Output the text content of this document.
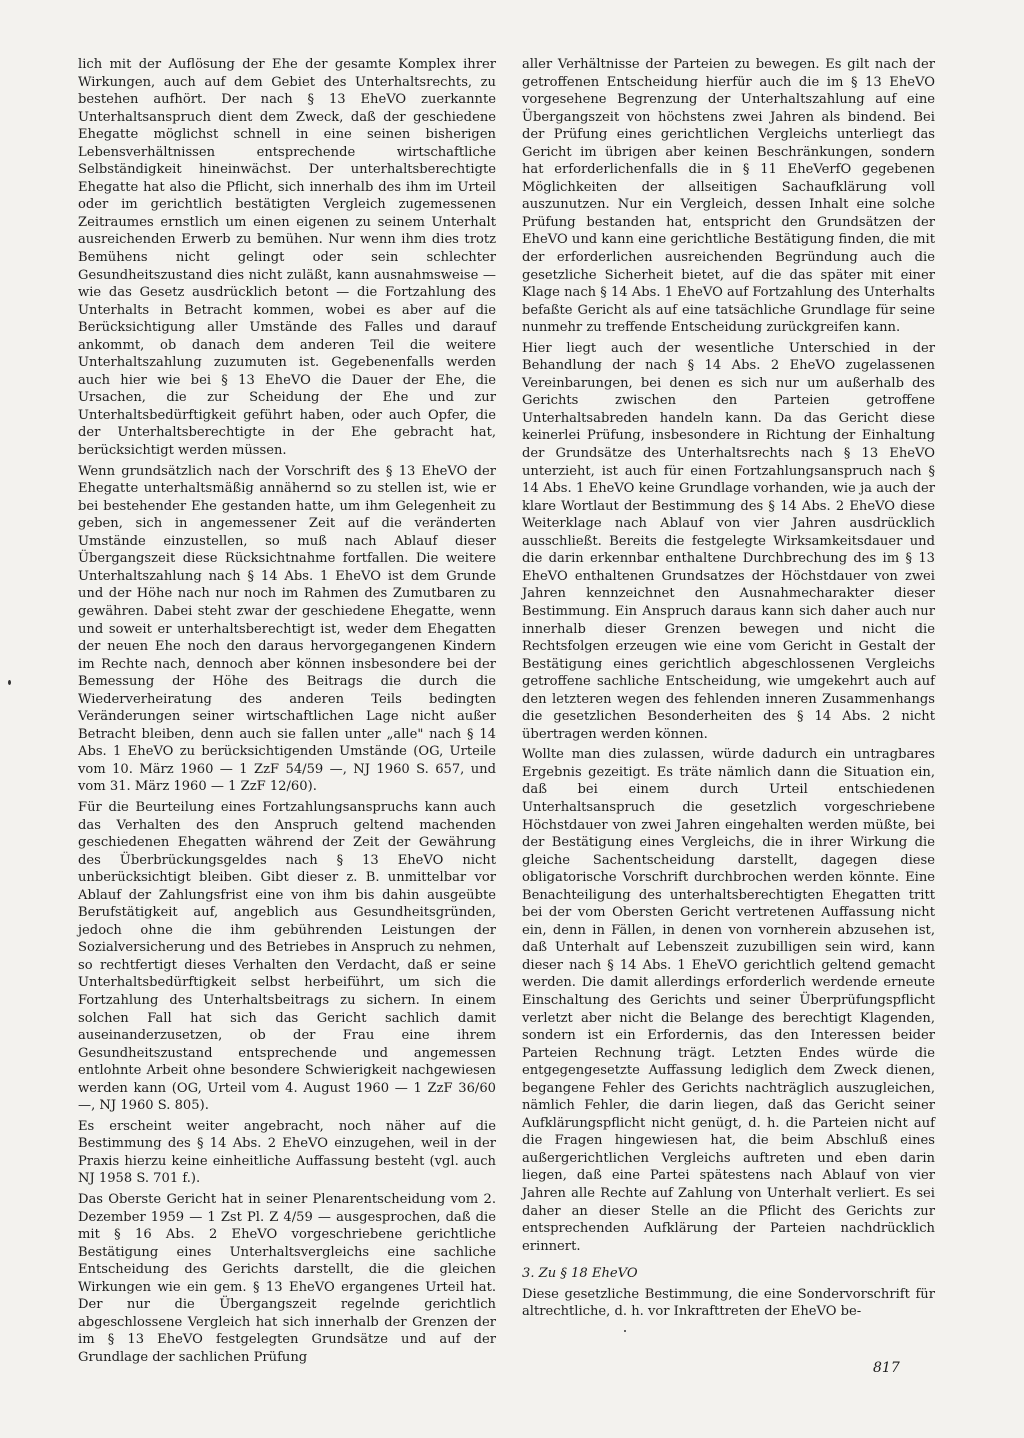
lich mit der Auflösung der Ehe der gesamte Komplex ihrer Wirkungen, auch auf dem Gebiet des Unterhaltsrechts, zu bestehen aufhört. Der nach § 13 EheVO zuerkannte Unterhaltsanspruch dient dem Zweck, daß der geschiedene Ehegatte möglichst schnell in eine seinen bisherigen Lebensverhältnissen entsprechende wirtschaftliche Selbständigkeit hineinwächst. Der unterhaltsberechtigte Ehegatte hat also die Pflicht, sich innerhalb des ihm im Urteil oder im gerichtlich bestätigten Vergleich zugemessenen Zeitraumes ernstlich um einen eigenen zu seinem Unterhalt ausreichenden Erwerb zu bemühen. Nur wenn ihm dies trotz Bemühens nicht gelingt oder sein schlechter Gesundheitszustand dies nicht zuläßt, kann ausnahmsweise — wie das Gesetz ausdrücklich betont — die Fortzahlung des Unterhalts in Betracht kommen, wobei es aber auf die Berücksichtigung aller Umstände des Falles und darauf ankommt, ob danach dem anderen Teil die weitere Unterhaltszahlung zuzumuten ist. Gegebenenfalls werden auch hier wie bei § 13 EheVO die Dauer der Ehe, die Ursachen, die zur Scheidung der Ehe und zur Unterhaltsbedürftigkeit geführt haben, oder auch Opfer, die der Unterhaltsberechtigte in der Ehe gebracht hat, berücksichtigt werden müssen.

Wenn grundsätzlich nach der Vorschrift des § 13 EheVO der Ehegatte unterhaltsmäßig annähernd so zu stellen ist, wie er bei bestehender Ehe gestanden hatte, um ihm Gelegenheit zu geben, sich in angemessener Zeit auf die veränderten Umstände einzustellen, so muß nach Ablauf dieser Übergangszeit diese Rücksichtnahme fortfallen. Die weitere Unterhaltszahlung nach § 14 Abs. 1 EheVO ist dem Grunde und der Höhe nach nur noch im Rahmen des Zumutbaren zu gewähren. Dabei steht zwar der geschiedene Ehegatte, wenn und soweit er unterhaltsberechtigt ist, weder dem Ehegatten der neuen Ehe noch den daraus hervorgegangenen Kindern im Rechte nach, dennoch aber können insbesondere bei der Bemessung der Höhe des Beitrags die durch die Wiederverheiratung des anderen Teils bedingten Veränderungen seiner wirtschaftlichen Lage nicht außer Betracht bleiben, denn auch sie fallen unter „alle" nach § 14 Abs. 1 EheVO zu berücksichtigenden Umstände (OG, Urteile vom 10. März 1960 — 1 ZzF 54/59 —, NJ 1960 S. 657, und vom 31. März 1960 — 1 ZzF 12/60).

Für die Beurteilung eines Fortzahlungsanspruchs kann auch das Verhalten des den Anspruch geltend machenden geschiedenen Ehegatten während der Zeit der Gewährung des Überbrückungsgeldes nach § 13 EheVO nicht unberücksichtigt bleiben. Gibt dieser z. B. unmittelbar vor Ablauf der Zahlungsfrist eine von ihm bis dahin ausgeübte Berufstätigkeit auf, angeblich aus Gesundheitsgründen, jedoch ohne die ihm gebührenden Leistungen der Sozialversicherung und des Betriebes in Anspruch zu nehmen, so rechtfertigt dieses Verhalten den Verdacht, daß er seine Unterhaltsbedürftigkeit selbst herbeiführt, um sich die Fortzahlung des Unterhaltsbeitrags zu sichern. In einem solchen Fall hat sich das Gericht sachlich damit auseinanderzusetzen, ob der Frau eine ihrem Gesundheitszustand entsprechende und angemessen entlohnte Arbeit ohne besondere Schwierigkeit nachgewiesen werden kann (OG, Urteil vom 4. August 1960 — 1 ZzF 36/60 —, NJ 1960 S. 805).

Es erscheint weiter angebracht, noch näher auf die Bestimmung des § 14 Abs. 2 EheVO einzugehen, weil in der Praxis hierzu keine einheitliche Auffassung besteht (vgl. auch NJ 1958 S. 701 f.).

Das Oberste Gericht hat in seiner Plenarentscheidung vom 2. Dezember 1959 — 1 Zst Pl. Z 4/59 — ausgesprochen, daß die mit § 16 Abs. 2 EheVO vorgeschriebene gerichtliche Bestätigung eines Unterhaltsvergleichs eine sachliche Entscheidung des Gerichts darstellt, die die gleichen Wirkungen wie ein gem. § 13 EheVO ergangenes Urteil hat. Der nur die Übergangszeit regelnde gerichtlich abgeschlossene Vergleich hat sich innerhalb der Grenzen der im § 13 EheVO festgelegten Grundsätze und auf der Grundlage der sachlichen Prüfung

aller Verhältnisse der Parteien zu bewegen. Es gilt nach der getroffenen Entscheidung hierfür auch die im § 13 EheVO vorgesehene Begrenzung der Unterhaltszahlung auf eine Übergangszeit von höchstens zwei Jahren als bindend. Bei der Prüfung eines gerichtlichen Vergleichs unterliegt das Gericht im übrigen aber keinen Beschränkungen, sondern hat erforderlichenfalls die in § 11 EheVerfO gegebenen Möglichkeiten der allseitigen Sachaufklärung voll auszunutzen. Nur ein Vergleich, dessen Inhalt eine solche Prüfung bestanden hat, entspricht den Grundsätzen der EheVO und kann eine gerichtliche Bestätigung finden, die mit der erforderlichen ausreichenden Begründung auch die gesetzliche Sicherheit bietet, auf die das später mit einer Klage nach § 14 Abs. 1 EheVO auf Fortzahlung des Unterhalts befaßte Gericht als auf eine tatsächliche Grundlage für seine nunmehr zu treffende Entscheidung zurückgreifen kann.

Hier liegt auch der wesentliche Unterschied in der Behandlung der nach § 14 Abs. 2 EheVO zugelassenen Vereinbarungen, bei denen es sich nur um außerhalb des Gerichts zwischen den Parteien getroffene Unterhaltsabreden handeln kann. Da das Gericht diese keinerlei Prüfung, insbesondere in Richtung der Einhaltung der Grundsätze des Unterhaltsrechts nach § 13 EheVO unterzieht, ist auch für einen Fortzahlungsanspruch nach § 14 Abs. 1 EheVO keine Grundlage vorhanden, wie ja auch der klare Wortlaut der Bestimmung des § 14 Abs. 2 EheVO diese Weiterklage nach Ablauf von vier Jahren ausdrücklich ausschließt. Bereits die festgelegte Wirksamkeitsdauer und die darin erkennbar enthaltene Durchbrechung des im § 13 EheVO enthaltenen Grundsatzes der Höchstdauer von zwei Jahren kennzeichnet den Ausnahmecharakter dieser Bestimmung. Ein Anspruch daraus kann sich daher auch nur innerhalb dieser Grenzen bewegen und nicht die Rechtsfolgen erzeugen wie eine vom Gericht in Gestalt der Bestätigung eines gerichtlich abgeschlossenen Vergleichs getroffene sachliche Entscheidung, wie umgekehrt auch auf den letzteren wegen des fehlenden inneren Zusammenhangs die gesetzlichen Besonderheiten des § 14 Abs. 2 nicht übertragen werden können.

Wollte man dies zulassen, würde dadurch ein untragbares Ergebnis gezeitigt. Es träte nämlich dann die Situation ein, daß bei einem durch Urteil entschiedenen Unterhaltsanspruch die gesetzlich vorgeschriebene Höchstdauer von zwei Jahren eingehalten werden müßte, bei der Bestätigung eines Vergleichs, die in ihrer Wirkung die gleiche Sachentscheidung darstellt, dagegen diese obligatorische Vorschrift durchbrochen werden könnte. Eine Benachteiligung des unterhaltsberechtigten Ehegatten tritt bei der vom Obersten Gericht vertretenen Auffassung nicht ein, denn in Fällen, in denen von vornherein abzusehen ist, daß Unterhalt auf Lebenszeit zuzubilligen sein wird, kann dieser nach § 14 Abs. 1 EheVO gerichtlich geltend gemacht werden. Die damit allerdings erforderlich werdende erneute Einschaltung des Gerichts und seiner Überprüfungspflicht verletzt aber nicht die Belange des berechtigt Klagenden, sondern ist ein Erfordernis, das den Interessen beider Parteien Rechnung trägt. Letzten Endes würde die entgegengesetzte Auffassung lediglich dem Zweck dienen, begangene Fehler des Gerichts nachträglich auszugleichen, nämlich Fehler, die darin liegen, daß das Gericht seiner Aufklärungspflicht nicht genügt, d. h. die Parteien nicht auf die Fragen hingewiesen hat, die beim Abschluß eines außergerichtlichen Vergleichs auftreten und eben darin liegen, daß eine Partei spätestens nach Ablauf von vier Jahren alle Rechte auf Zahlung von Unterhalt verliert. Es sei daher an dieser Stelle an die Pflicht des Gerichts zur entsprechenden Aufklärung der Parteien nachdrücklich erinnert.

3. Zu § 18 EheVO

Diese gesetzliche Bestimmung, die eine Sondervorschrift für altrechtliche, d. h. vor Inkrafttreten der EheVO be-

817
